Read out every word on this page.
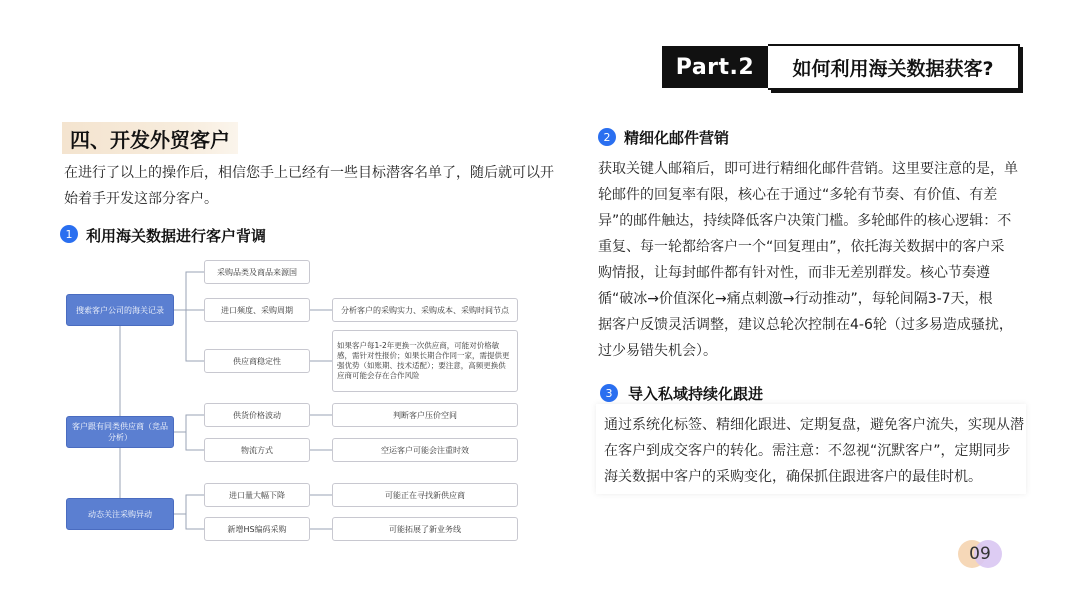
Part.2	如何利用海关数据获客?
四、开发外贸客户
在进行了以上的操作后，相信您手上已经有一些目标潜客名单了，随后就可以开
始着手开发这部分客户。
1 利用海关数据进行客户背调
搜索客户公司的海关记录
客户跟有同类供应商（竞品分析）
动态关注采购异动
采购品类及商品来源国
进口频度、采购周期
供应商稳定性
供货价格波动
物流方式
进口量大幅下降
新增HS编码采购
分析客户的采购实力、采购成本、采购时间节点
如果客户每1-2年更换一次供应商，可能对价格敏感，需针对性报价；如果长期合作同一家，需提供更强优势（如账期、技术适配）；要注意，高频更换供应商可能会存在合作风险
判断客户压价空间
空运客户可能会注重时效
可能正在寻找新供应商
可能拓展了新业务线
2 精细化邮件营销
获取关键人邮箱后，即可进行精细化邮件营销。这里要注意的是，单
轮邮件的回复率有限，核心在于通过“多轮有节奏、有价值、有差
异”的邮件触达，持续降低客户决策门槛。多轮邮件的核心逻辑：不
重复、每一轮都给客户一个“回复理由”，依托海关数据中的客户采
购情报，让每封邮件都有针对性，而非无差别群发。核心节奏遵
循“破冰→价值深化→痛点刺激→行动推动”，每轮间隔3-7天，根
据客户反馈灵活调整，建议总轮次控制在4-6轮（过多易造成骚扰，
过少易错失机会）。
3	导入私域持续化跟进
通过系统化标签、精细化跟进、定期复盘，避免客户流失，实现从潜
在客户到成交客户的转化。需注意：不忽视“沉默客户”，定期同步
海关数据中客户的采购变化，确保抓住跟进客户的最佳时机。
09
